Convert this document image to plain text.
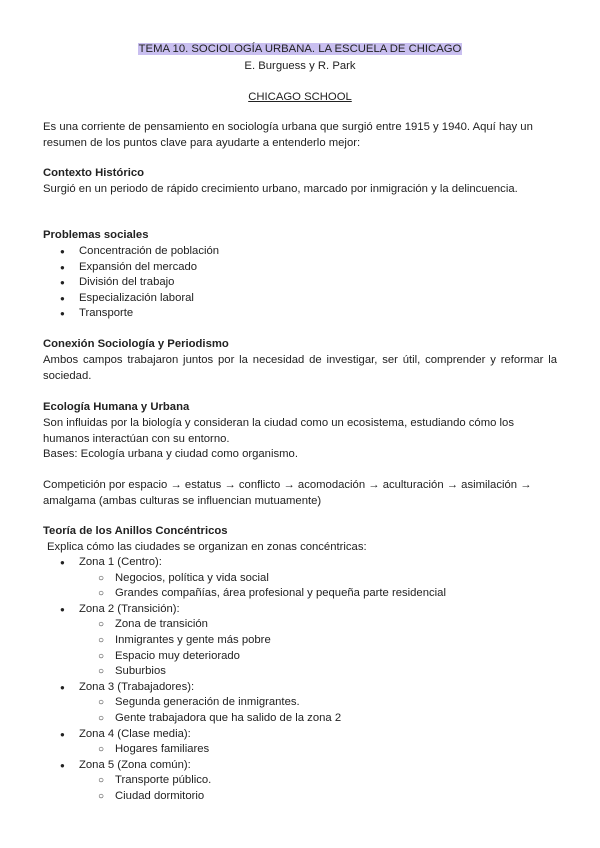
TEMA 10. SOCIOLOGÍA URBANA. LA ESCUELA DE CHICAGO
E. Burguess y R. Park
CHICAGO SCHOOL
Es una corriente de pensamiento en sociología urbana que surgió entre 1915 y 1940. Aquí hay un resumen de los puntos clave para ayudarte a entenderlo mejor:
Contexto Histórico
Surgió en un periodo de rápido crecimiento urbano, marcado por inmigración y la delincuencia.
Problemas sociales
● Concentración de población
● Expansión del mercado
● División del trabajo
● Especialización laboral
● Transporte
Conexión Sociología y Periodismo
Ambos campos trabajaron juntos por la necesidad de investigar, ser útil, comprender y reformar la sociedad.
Ecología Humana y Urbana
Son influidas por la biología y consideran la ciudad como un ecosistema, estudiando cómo los humanos interactúan con su entorno.
Bases: Ecología urbana y ciudad como organismo.
Competición por espacio → estatus → conflicto → acomodación → aculturación → asimilación → amalgama (ambas culturas se influencian mutuamente)
Teoría de los Anillos Concéntricos
Explica cómo las ciudades se organizan en zonas concéntricas:
● Zona 1 (Centro):
○ Negocios, política y vida social
○ Grandes compañías, área profesional y pequeña parte residencial
● Zona 2 (Transición):
○ Zona de transición
○ Inmigrantes y gente más pobre
○ Espacio muy deteriorado
○ Suburbios
● Zona 3 (Trabajadores):
○ Segunda generación de inmigrantes.
○ Gente trabajadora que ha salido de la zona 2
● Zona 4 (Clase media):
○ Hogares familiares
● Zona 5 (Zona común):
○ Transporte público.
○ Ciudad dormitorio
